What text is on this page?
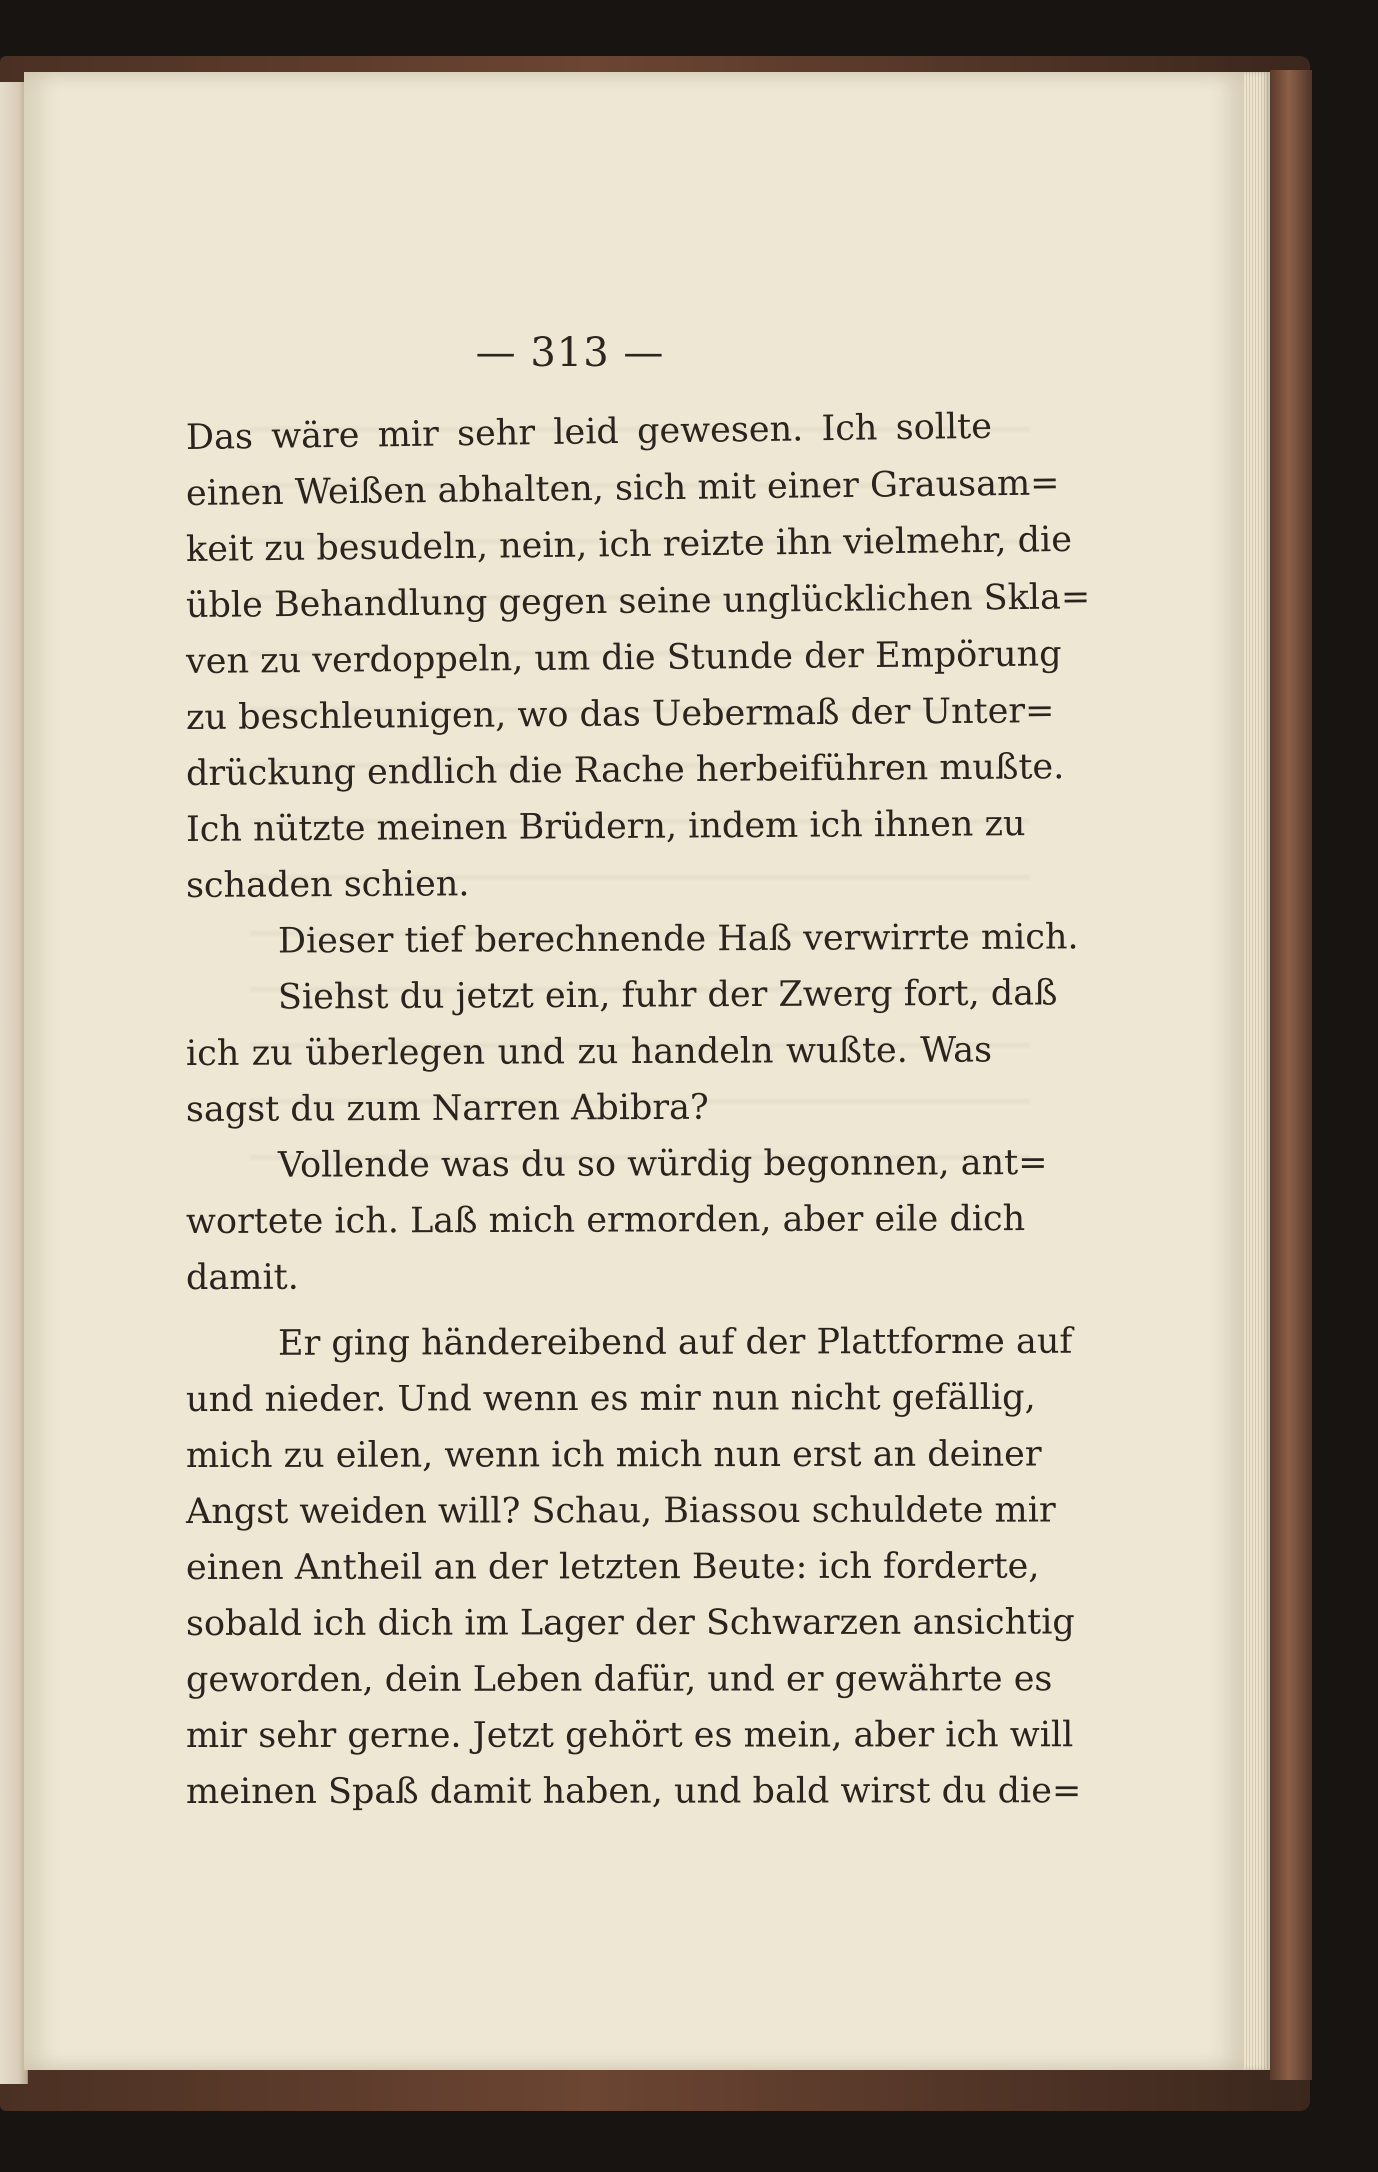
— 313 —
Das wäre mir sehr leid gewesen. Ich sollte
einen Weißen abhalten, sich mit einer Grausam=
keit zu besudeln, nein, ich reizte ihn vielmehr, die
üble Behandlung gegen seine unglücklichen Skla=
ven zu verdoppeln, um die Stunde der Empörung
zu beschleunigen, wo das Uebermaß der Unter=
drückung endlich die Rache herbeiführen mußte.
Ich nützte meinen Brüdern, indem ich ihnen zu
schaden schien.
Dieser tief berechnende Haß verwirrte mich.
Siehst du jetzt ein, fuhr der Zwerg fort, daß
ich zu überlegen und zu handeln wußte. Was
sagst du zum Narren Abibra?
Vollende was du so würdig begonnen, ant=
wortete ich. Laß mich ermorden, aber eile dich
damit.
Er ging händereibend auf der Plattforme auf
und nieder. Und wenn es mir nun nicht gefällig,
mich zu eilen, wenn ich mich nun erst an deiner
Angst weiden will? Schau, Biassou schuldete mir
einen Antheil an der letzten Beute: ich forderte,
sobald ich dich im Lager der Schwarzen ansichtig
geworden, dein Leben dafür, und er gewährte es
mir sehr gerne. Jetzt gehört es mein, aber ich will
meinen Spaß damit haben, und bald wirst du die=
